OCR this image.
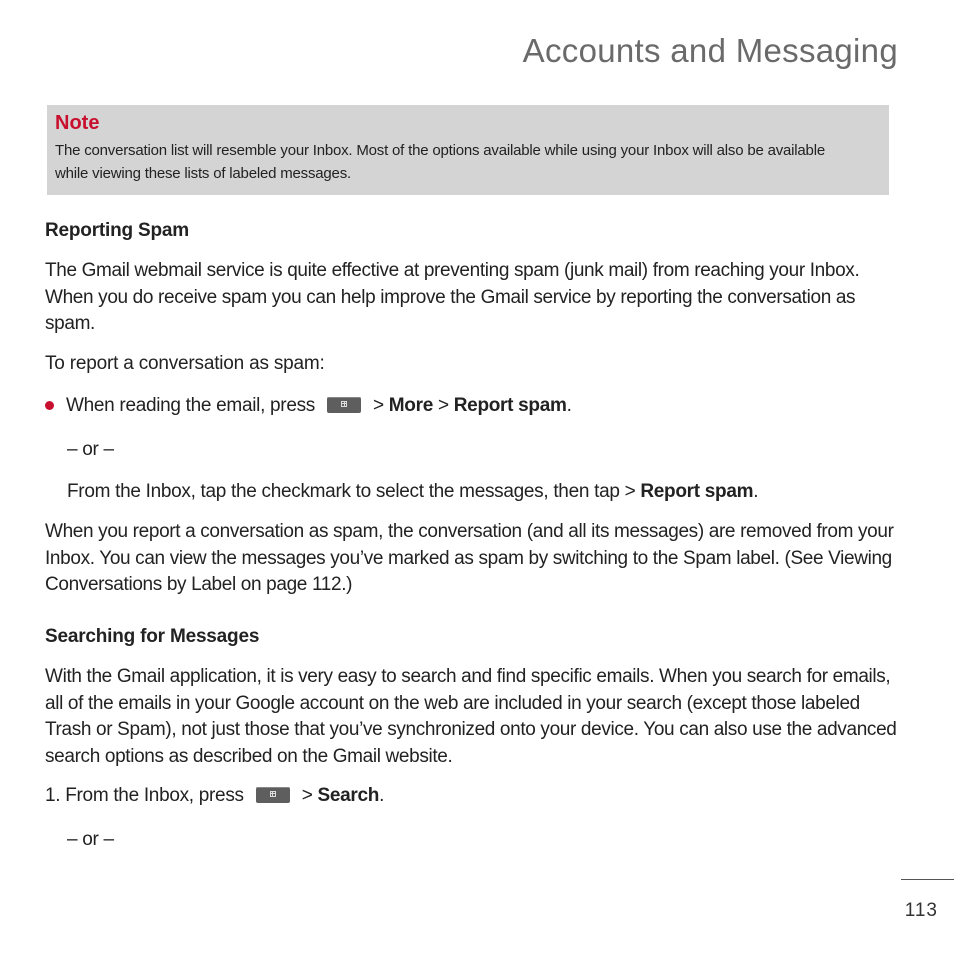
Accounts and Messaging

Note

The conversation list will resemble your Inbox. Most of the options available while using your Inbox will also be available

while viewing these lists of labeled messages.

Reporting Spam
The Gmail webmail service is quite effective at preventing spam (junk mail) from reaching your Inbox. When you do receive spam you can help improve the Gmail service by reporting the conversation as spam.
To report a conversation as spam:
When reading the email, press	> More > Report spam.
– or –
From the Inbox, tap the checkmark to select the messages, then tap > Report spam.
When you report a conversation as spam, the conversation (and all its messages) are removed from your Inbox. You can view the messages you’ve marked as spam by switching to the Spam label. (See Viewing Conversations by Label on page 112.)
Searching for Messages
With the Gmail application, it is very easy to search and find specific emails. When you search for emails, all of the emails in your Google account on the web are included in your search (except those labeled Trash or Spam), not just those that you’ve synchronized onto your device. You can also use the advanced search options as described on the Gmail website.
1. From the Inbox, press	> Search.
– or –
113
